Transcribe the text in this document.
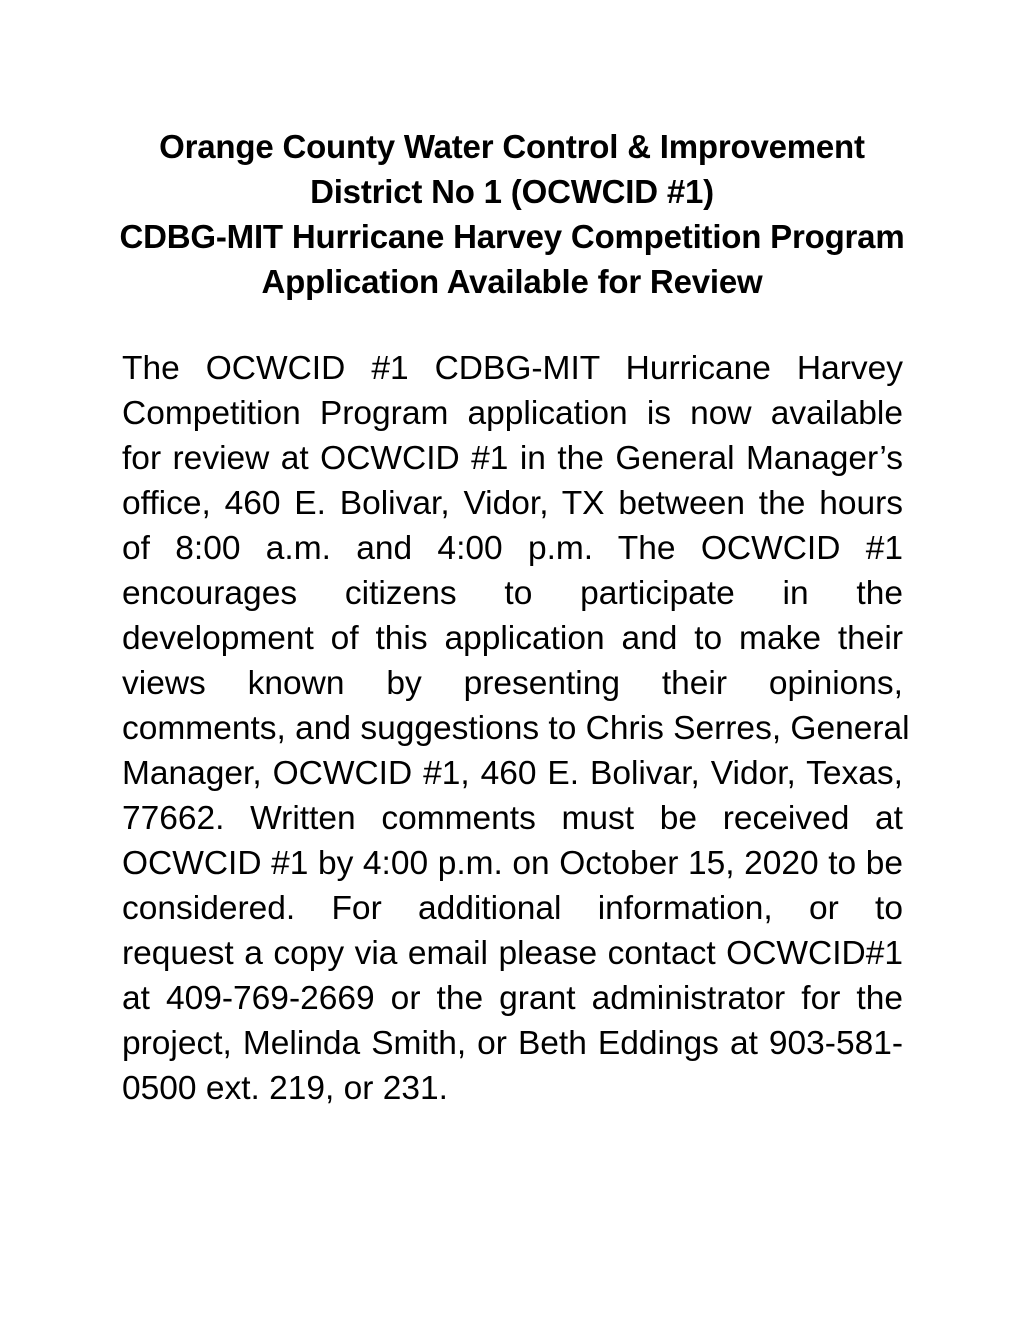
Orange County Water Control & Improvement
District No 1 (OCWCID #1)
CDBG-MIT Hurricane Harvey Competition Program
Application Available for Review
The OCWCID #1 CDBG-MIT Hurricane Harvey
Competition Program application is now available
for review at OCWCID #1 in the General Manager’s
office, 460 E. Bolivar, Vidor, TX between the hours
of 8:00 a.m. and 4:00 p.m. The OCWCID #1
encourages citizens to participate in the
development of this application and to make their
views known by presenting their opinions,
comments, and suggestions to Chris Serres, General
Manager, OCWCID #1, 460 E. Bolivar, Vidor, Texas,
77662. Written comments must be received at
OCWCID #1 by 4:00 p.m. on October 15, 2020 to be
considered. For additional information, or to
request a copy via email please contact OCWCID#1
at 409-769-2669 or the grant administrator for the
project, Melinda Smith, or Beth Eddings at 903-581-
0500 ext. 219, or 231.
